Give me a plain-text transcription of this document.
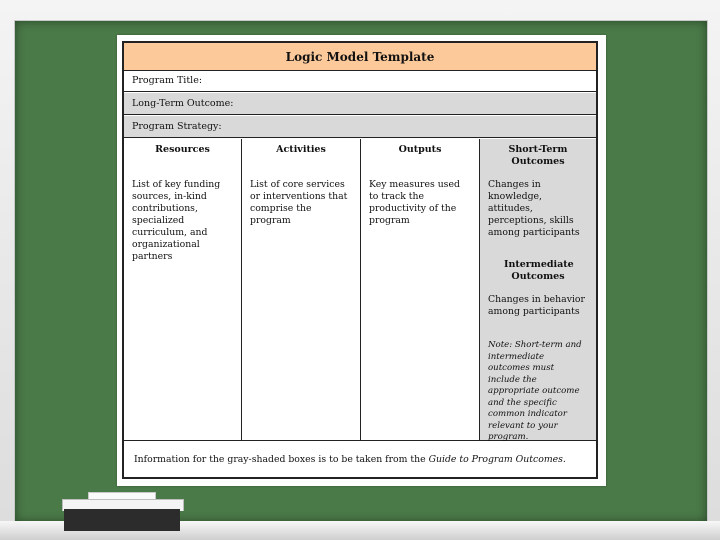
Logic Model Template
Program Title:
Long-Term Outcome:
Program Strategy:
Resources
List of key funding sources, in-kind contributions, specialized curriculum, and organizational partners
Activities
List of core services or interventions that comprise the program
Outputs
Key measures used to track the productivity of the program
Short-Term Outcomes
Changes in knowledge, attitudes, perceptions, skills among participants
Intermediate Outcomes
Changes in behavior among participants
Note: Short-term and intermediate outcomes must include the appropriate outcome and the specific common indicator relevant to your program.
Information for the gray-shaded boxes is to be taken from the Guide to Program Outcomes.
